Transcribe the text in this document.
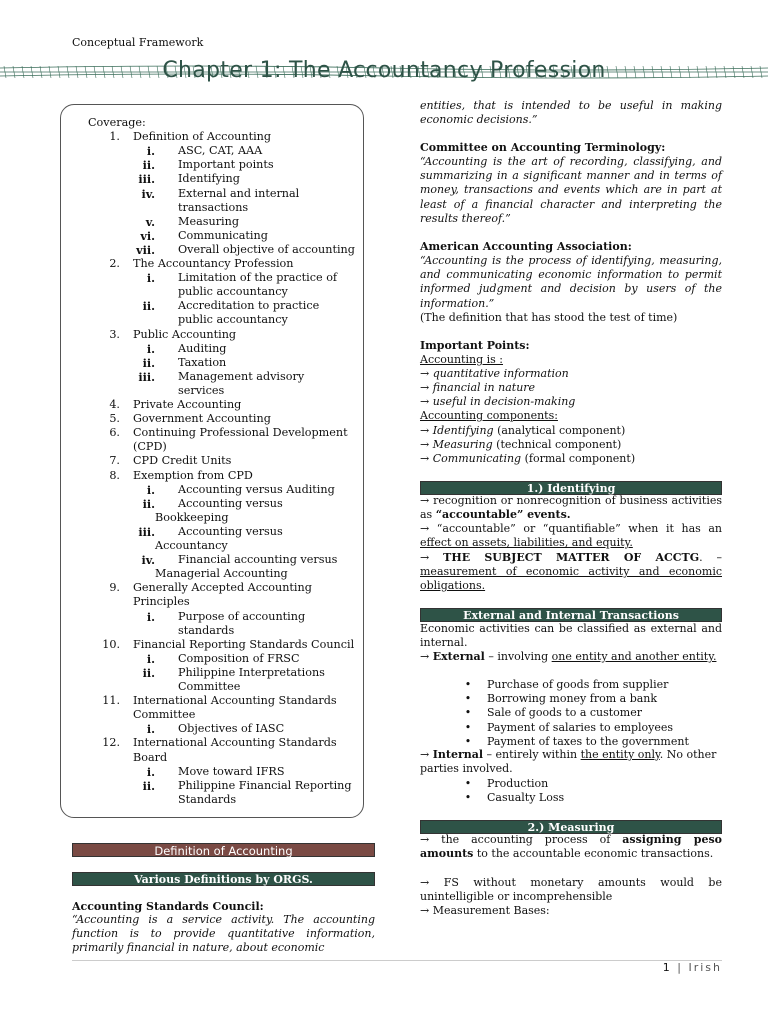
Conceptual Framework
Chapter 1: The Accountancy Profession
Coverage:
1. Definition of Accounting
i. ASC, CAT, AAA
ii. Important points
iii. Identifying
iv. External and internal
transactions
v. Measuring
vi. Communicating
vii. Overall objective of accounting
2. The Accountancy Profession
i. Limitation of the practice of
public accountancy
ii. Accreditation to practice
public accountancy
3. Public Accounting
i. Auditing
ii. Taxation
iii. Management advisory
services
4. Private Accounting
5. Government Accounting
6. Continuing Professional Development
(CPD)
7. CPD Credit Units
8. Exemption from CPD
i. Accounting versus Auditing
ii. Accounting versus
Bookkeeping
iii. Accounting versus
Accountancy
iv. Financial accounting versus
Managerial Accounting
9. Generally Accepted Accounting
Principles
i. Purpose of accounting
standards
10. Financial Reporting Standards Council
i. Composition of FRSC
ii. Philippine Interpretations
Committee
11. International Accounting Standards
Committee
i. Objectives of IASC
12. International Accounting Standards
Board
i. Move toward IFRS
ii. Philippine Financial Reporting
Standards
Definition of Accounting
Various Definitions by ORGS.
Accounting Standards Council:
“Accounting is a service activity. The accounting function is to provide quantitative information, primarily financial in nature, about economic
entities, that is intended to be useful in making economic decisions.”
Committee on Accounting Terminology:
“Accounting is the art of recording, classifying, and summarizing in a significant manner and in terms of money, transactions and events which are in part at least of a financial character and interpreting the results thereof.”
American Accounting Association:
“Accounting is the process of identifying, measuring, and communicating economic information to permit informed judgment and decision by users of the information.”
(The definition that has stood the test of time)
Important Points:
Accounting is :
→ quantitative information
→ financial in nature
→ useful in decision-making
Accounting components:
→ Identifying (analytical component)
→ Measuring (technical component)
→ Communicating (formal component)
1.) Identifying
→ recognition or nonrecognition of business activities as “accountable” events.
→ “accountable” or “quantifiable” when it has an effect on assets, liabilities, and equity.
→ THE SUBJECT MATTER OF ACCTG. – measurement of economic activity and economic obligations.
External and Internal Transactions
Economic activities can be classified as external and internal.
→ External – involving one entity and another entity.
• Purchase of goods from supplier
• Borrowing money from a bank
• Sale of goods to a customer
• Payment of salaries to employees
• Payment of taxes to the government
→ Internal – entirely within the entity only. No other parties involved.
• Production
• Casualty Loss
2.) Measuring
→ the accounting process of assigning peso amounts to the accountable economic transactions.
→ FS without monetary amounts would be unintelligible or incomprehensible
→ Measurement Bases:
1 | Irish
